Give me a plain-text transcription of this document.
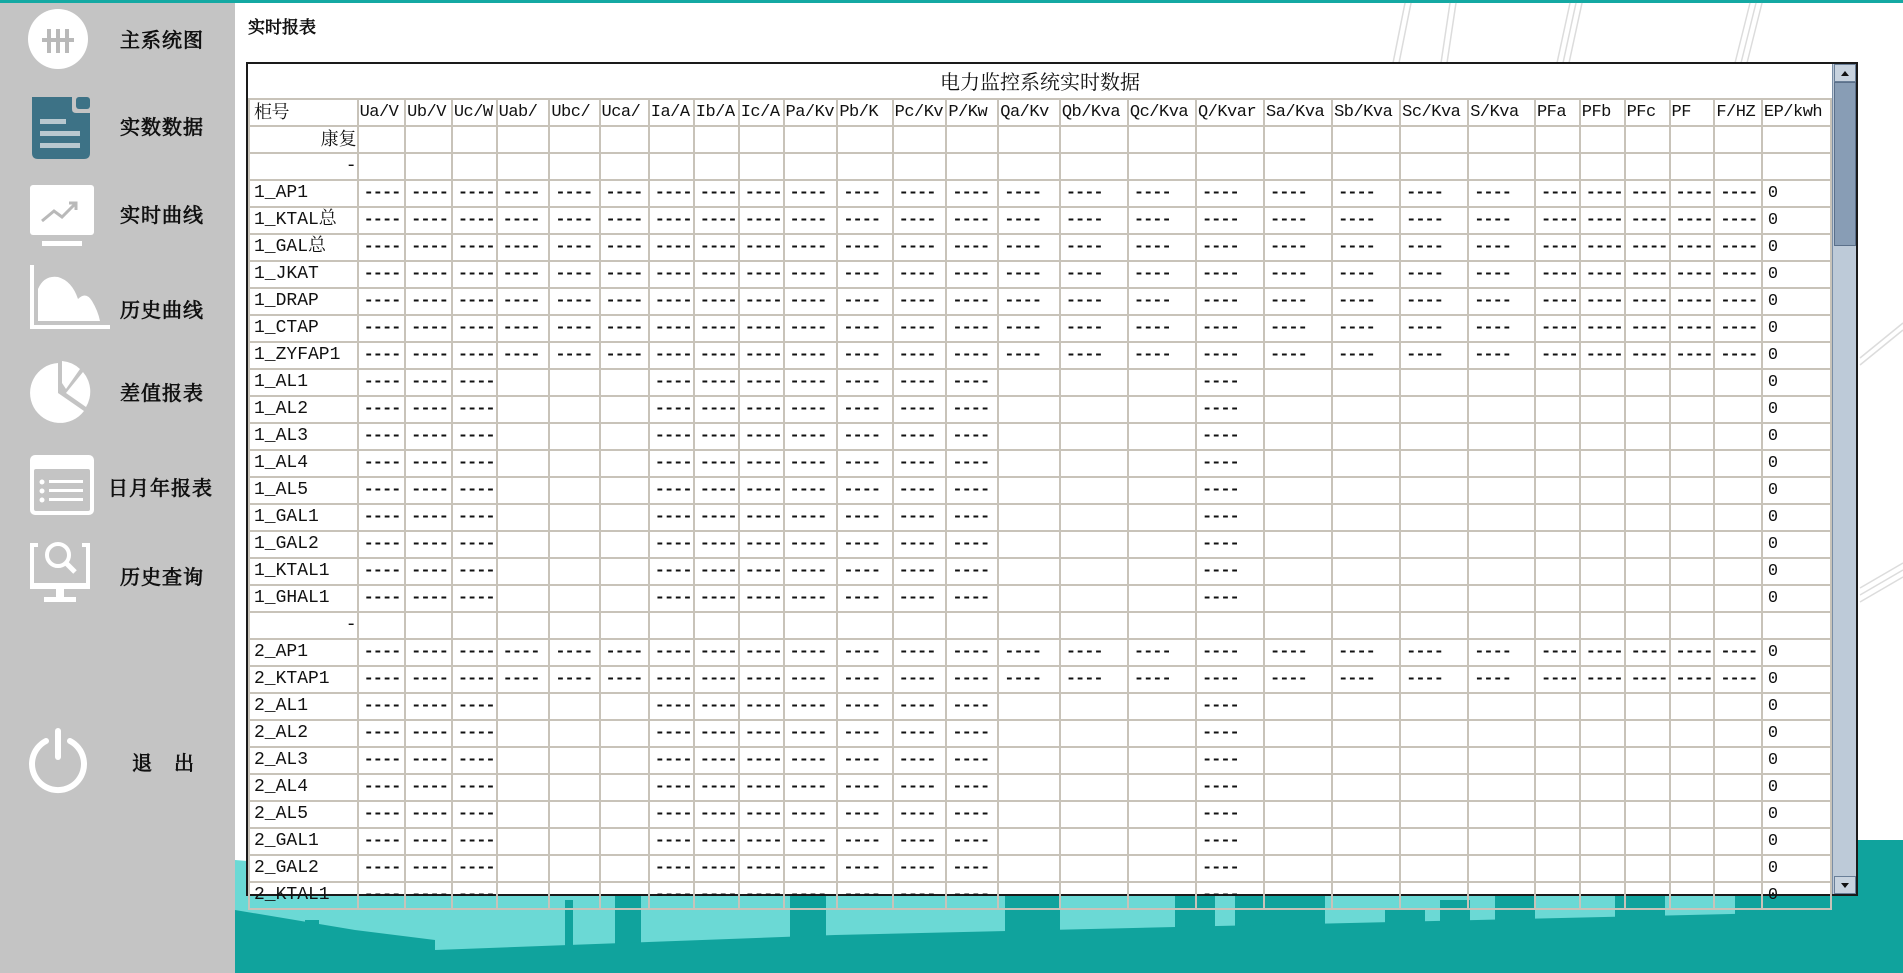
主系统图
实数数据
实时曲线
历史曲线
差值报表
日月年报表
历史查询
退　出
实时报表
电力监控系统实时数据
柜号	Ua/V	Ub/V	Uc/W	Uab/	Ubc/	Uca/	Ia/A	Ib/A	Ic/A	Pa/Kv	Pb/K	Pc/Kv	P/Kw	Qa/Kv	Qb/Kva	Qc/Kva	Q/Kvar	Sa/Kva	Sb/Kva	Sc/Kva	S/Kva	PFa	PFb	PFc	PF	F/HZ	EP/kwh
康复																											
-																											
1_AP1	----	----	----	----	----	----	----	----	----	----	----	----	----	----	----	----	----	----	----	----	----	----	----	----	----	----	0
1_KTAL总	----	----	----	----	----	----	----	----	----	----	----	----	----	----	----	----	----	----	----	----	----	----	----	----	----	----	0
1_GAL总	----	----	----	----	----	----	----	----	----	----	----	----	----	----	----	----	----	----	----	----	----	----	----	----	----	----	0
1_JKAT	----	----	----	----	----	----	----	----	----	----	----	----	----	----	----	----	----	----	----	----	----	----	----	----	----	----	0
1_DRAP	----	----	----	----	----	----	----	----	----	----	----	----	----	----	----	----	----	----	----	----	----	----	----	----	----	----	0
1_CTAP	----	----	----	----	----	----	----	----	----	----	----	----	----	----	----	----	----	----	----	----	----	----	----	----	----	----	0
1_ZYFAP1	----	----	----	----	----	----	----	----	----	----	----	----	----	----	----	----	----	----	----	----	----	----	----	----	----	----	0
1_AL1	----	----	----				----	----	----	----	----	----	----				----										0
1_AL2	----	----	----				----	----	----	----	----	----	----				----										0
1_AL3	----	----	----				----	----	----	----	----	----	----				----										0
1_AL4	----	----	----				----	----	----	----	----	----	----				----										0
1_AL5	----	----	----				----	----	----	----	----	----	----				----										0
1_GAL1	----	----	----				----	----	----	----	----	----	----				----										0
1_GAL2	----	----	----				----	----	----	----	----	----	----				----										0
1_KTAL1	----	----	----				----	----	----	----	----	----	----				----										0
1_GHAL1	----	----	----				----	----	----	----	----	----	----				----										0
-																											
2_AP1	----	----	----	----	----	----	----	----	----	----	----	----	----	----	----	----	----	----	----	----	----	----	----	----	----	----	0
2_KTAP1	----	----	----	----	----	----	----	----	----	----	----	----	----	----	----	----	----	----	----	----	----	----	----	----	----	----	0
2_AL1	----	----	----				----	----	----	----	----	----	----				----										0
2_AL2	----	----	----				----	----	----	----	----	----	----				----										0
2_AL3	----	----	----				----	----	----	----	----	----	----				----										0
2_AL4	----	----	----				----	----	----	----	----	----	----				----										0
2_AL5	----	----	----				----	----	----	----	----	----	----				----										0
2_GAL1	----	----	----				----	----	----	----	----	----	----				----										0
2_GAL2	----	----	----				----	----	----	----	----	----	----				----										0
2_KTAL1	----	----	----				----	----	----	----	----	----	----				----										0
